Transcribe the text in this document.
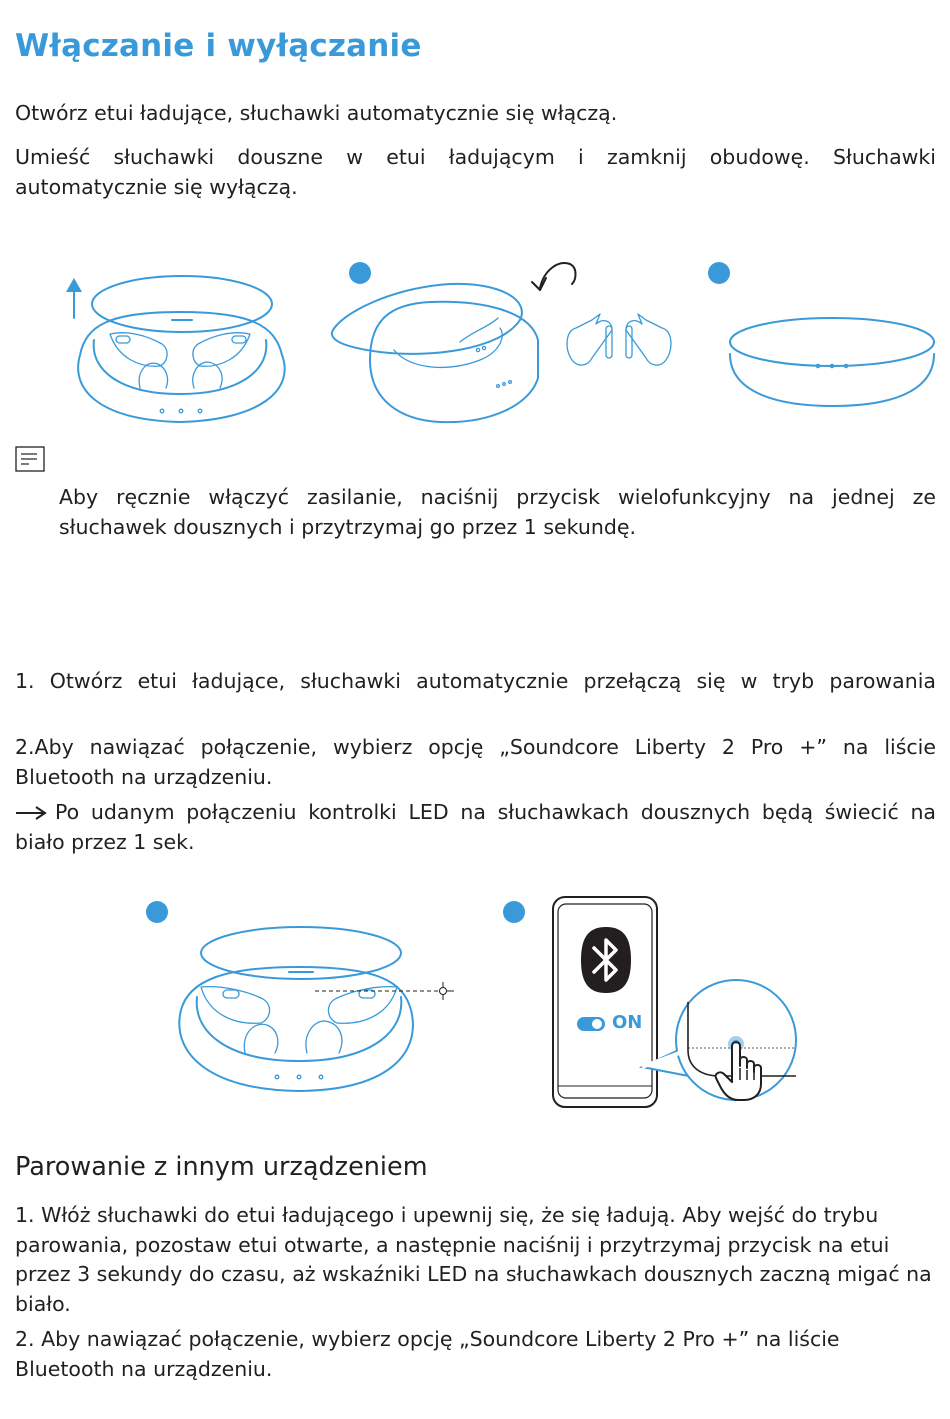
Włączanie i wyłączanie

Otwórz etui ładujące, słuchawki automatycznie się włączą.

Umieść słuchawki douszne w etui ładującym i zamknij obudowę. Słuchawki automatycznie się wyłączą.

Aby ręcznie włączyć zasilanie, naciśnij przycisk wielofunkcyjny na jednej ze słuchawek dousznych i przytrzymaj go przez 1 sekundę.

1. Otwórz etui ładujące, słuchawki automatycznie przełączą się w tryb parowania

2.Aby nawiązać połączenie, wybierz opcję „Soundcore Liberty 2 Pro +” na liście Bluetooth na urządzeniu.

Po udanym połączeniu kontrolki LED na słuchawkach dousznych będą świecić na biało przez 1 sek.

ON
Parowanie z innym urządzeniem

1. Włóż słuchawki do etui ładującego i upewnij się, że się ładują. Aby wejść do trybu parowania, pozostaw etui otwarte, a następnie naciśnij i przytrzymaj przycisk na etui przez 3 sekundy do czasu, aż wskaźniki LED na słuchawkach dousznych zaczną migać na biało.

2. Aby nawiązać połączenie, wybierz opcję „Soundcore Liberty 2 Pro +” na liście Bluetooth na urządzeniu.
